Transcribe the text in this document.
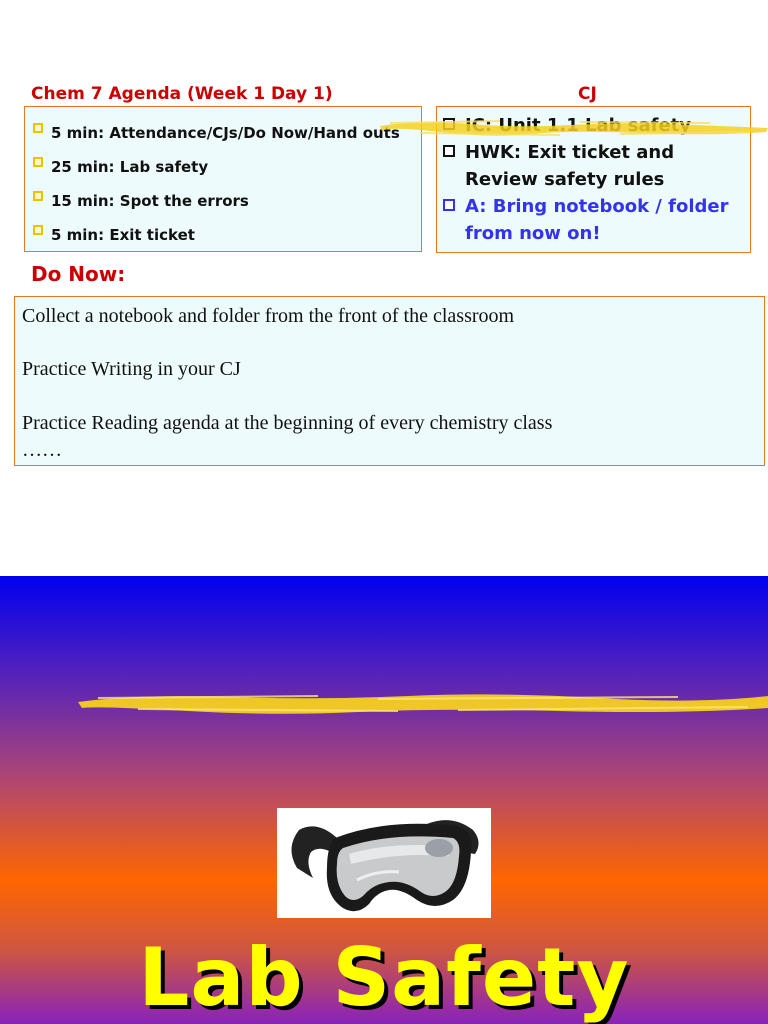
Chem 7 Agenda (Week 1 Day 1)	CJ
5 min: Attendance/CJs/Do Now/Hand outs
25 min: Lab safety
15 min: Spot the errors
5 min: Exit ticket
HWK: Exit ticket and Review safety rules
A: Bring notebook / folder from now on!
Do Now:
Collect a notebook and folder from the front of the classroom
Practice Writing in your CJ
Practice Reading agenda at the beginning of every chemistry class
……
Lab Safety
